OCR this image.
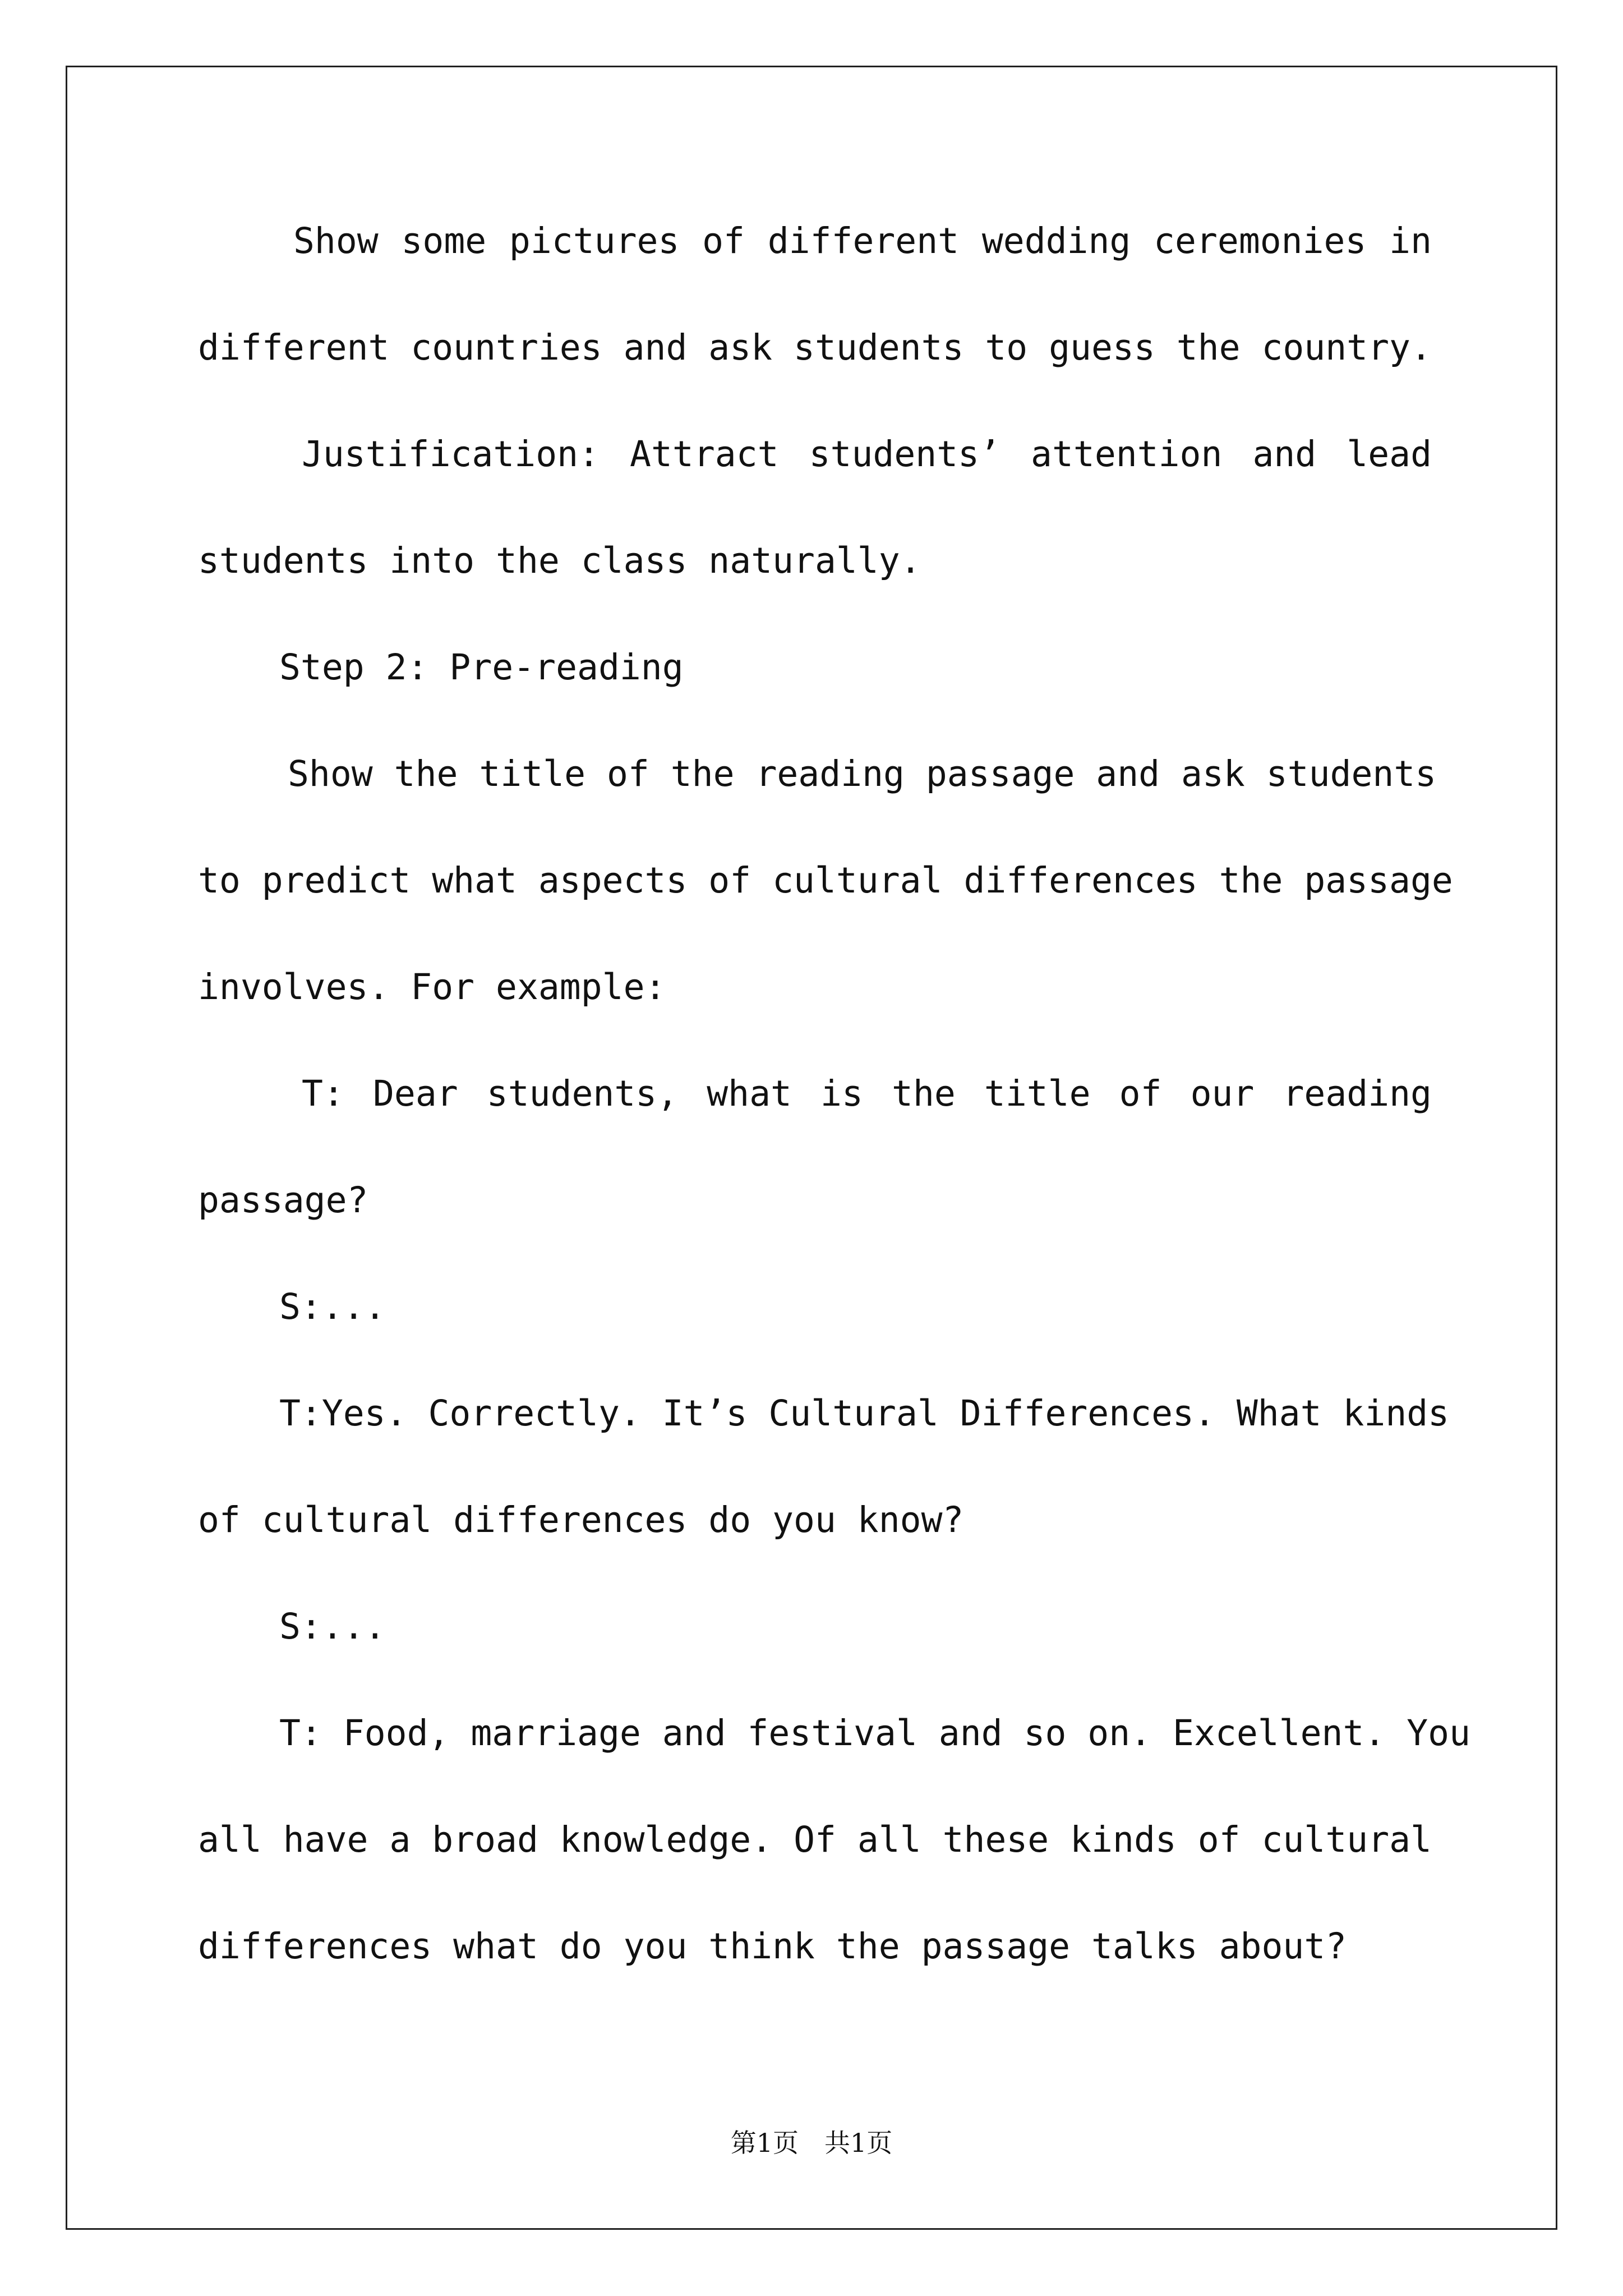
Show some pictures of different wedding ceremonies in
different countries and ask students to guess the country.
Justification: Attract students’ attention and lead
students into the class naturally.
Step 2: Pre-reading
Show the title of the reading passage and ask students
to predict what aspects of cultural differences the passage
involves. For example:
T: Dear students, what is the title of our reading
passage?
S:...
T:Yes. Correctly. It’s Cultural Differences. What kinds
of cultural differences do you know?
S:...
T: Food, marriage and festival and so on. Excellent. You
all have a broad knowledge. Of all these kinds of cultural
differences what do you think the passage talks about?
第1页　共1页
